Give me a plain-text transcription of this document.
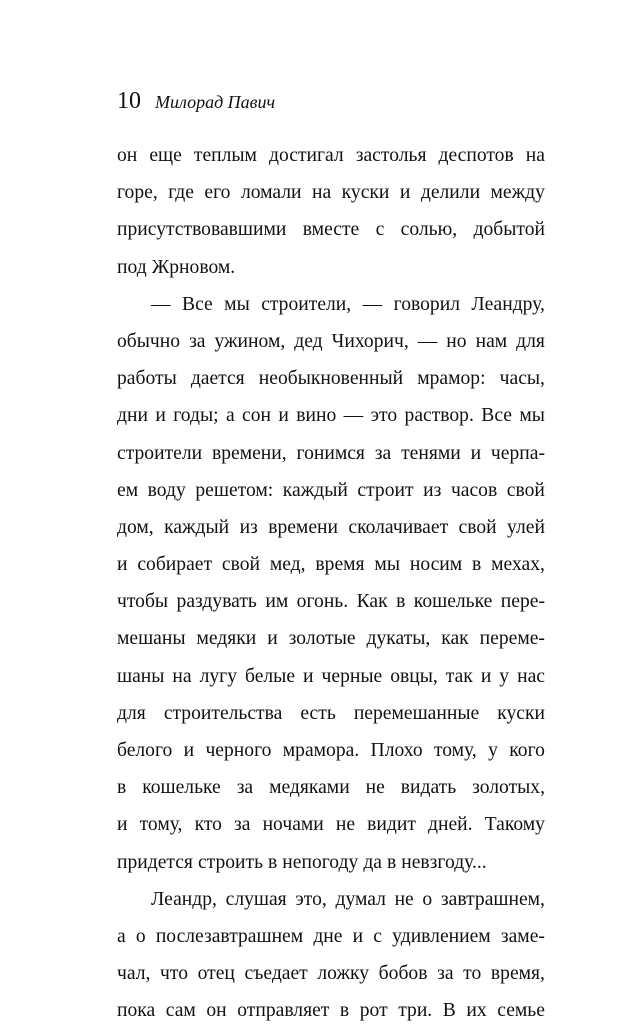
10 Милорад Павич
он еще теплым достигал застолья деспотов на
горе, где его ломали на куски и делили между
присутствовавшими вместе с солью, добытой
под Жрновом.
— Все мы строители, — говорил Леандру,
обычно за ужином, дед Чихорич, — но нам для
работы дается необыкновенный мрамор: часы,
дни и годы; а сон и вино — это раствор. Все мы
строители времени, гонимся за тенями и черпа-
ем воду решетом: каждый строит из часов свой
дом, каждый из времени сколачивает свой улей
и собирает свой мед, время мы носим в мехах,
чтобы раздувать им огонь. Как в кошельке пере-
мешаны медяки и золотые дукаты, как переме-
шаны на лугу белые и черные овцы, так и у нас
для строительства есть перемешанные куски
белого и черного мрамора. Плохо тому, у кого
в кошельке за медяками не видать золотых,
и тому, кто за ночами не видит дней. Такому
придется строить в непогоду да в невзгоду...
Леандр, слушая это, думал не о завтрашнем,
а о послезавтрашнем дне и с удивлением заме-
чал, что отец съедает ложку бобов за то время,
пока сам он отправляет в рот три. В их семье
